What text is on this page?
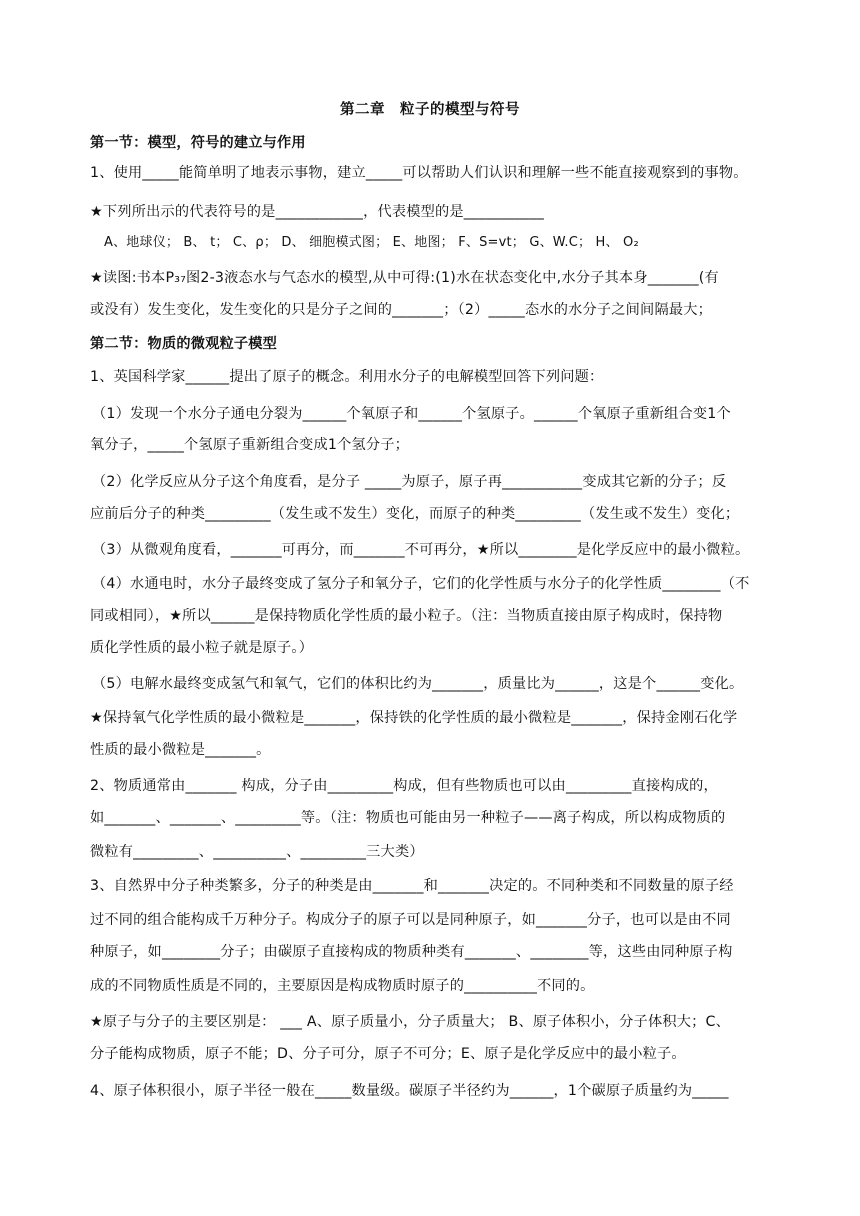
第二章　粒子的模型与符号
第一节：模型，符号的建立与作用
1、使用_____能简单明了地表示事物，建立_____可以帮助人们认识和理解一些不能直接观察到的事物。
★下列所出示的代表符号的是____________，代表模型的是___________
A、地球仪； B、 t； C、ρ； D、 细胞模式图； E、地图； F、S=vt； G、W.C； H、 O₂
★读图:书本P₃₇图2-3液态水与气态水的模型,从中可得:(1)水在状态变化中,水分子其本身_______(有
或没有）发生变化，发生变化的只是分子之间的_______；（2）_____态水的水分子之间间隔最大；
第二节：物质的微观粒子模型
1、英国科学家______提出了原子的概念。利用水分子的电解模型回答下列问题：
（1）发现一个水分子通电分裂为______个氧原子和______个氢原子。______个氧原子重新组合变1个
氧分子，_____个氢原子重新组合变成1个氢分子；
（2）化学反应从分子这个角度看，是分子 _____为原子，原子再___________变成其它新的分子；反
应前后分子的种类_________（发生或不发生）变化，而原子的种类_________（发生或不发生）变化；
（3）从微观角度看，_______可再分，而_______不可再分，★所以________是化学反应中的最小微粒。
（4）水通电时，水分子最终变成了氢分子和氧分子，它们的化学性质与水分子的化学性质________（不
同或相同），★所以______是保持物质化学性质的最小粒子。（注：当物质直接由原子构成时，保持物
质化学性质的最小粒子就是原子。）
（5）电解水最终变成氢气和氧气，它们的体积比约为_______，质量比为______，这是个______变化。
★保持氧气化学性质的最小微粒是_______，保持铁的化学性质的最小微粒是_______，保持金刚石化学
性质的最小微粒是_______。
2、物质通常由_______ 构成，分子由_________构成，但有些物质也可以由_________直接构成的，
如_______、_______、_________等。（注：物质也可能由另一种粒子——离子构成，所以构成物质的
微粒有_________、__________、_________三大类）
3、自然界中分子种类繁多，分子的种类是由_______和_______决定的。不同种类和不同数量的原子经
过不同的组合能构成千万种分子。构成分子的原子可以是同种原子，如_______分子，也可以是由不同
种原子，如________分子；由碳原子直接构成的物质种类有_______、________等，这些由同种原子构
成的不同物质性质是不同的，主要原因是构成物质时原子的__________不同的。
★原子与分子的主要区别是： ___ A、原子质量小，分子质量大； B、原子体积小，分子体积大；C、
分子能构成物质，原子不能；D、分子可分，原子不可分；E、原子是化学反应中的最小粒子。
4、原子体积很小，原子半径一般在_____数量级。碳原子半径约为______，1个碳原子质量约为_____
